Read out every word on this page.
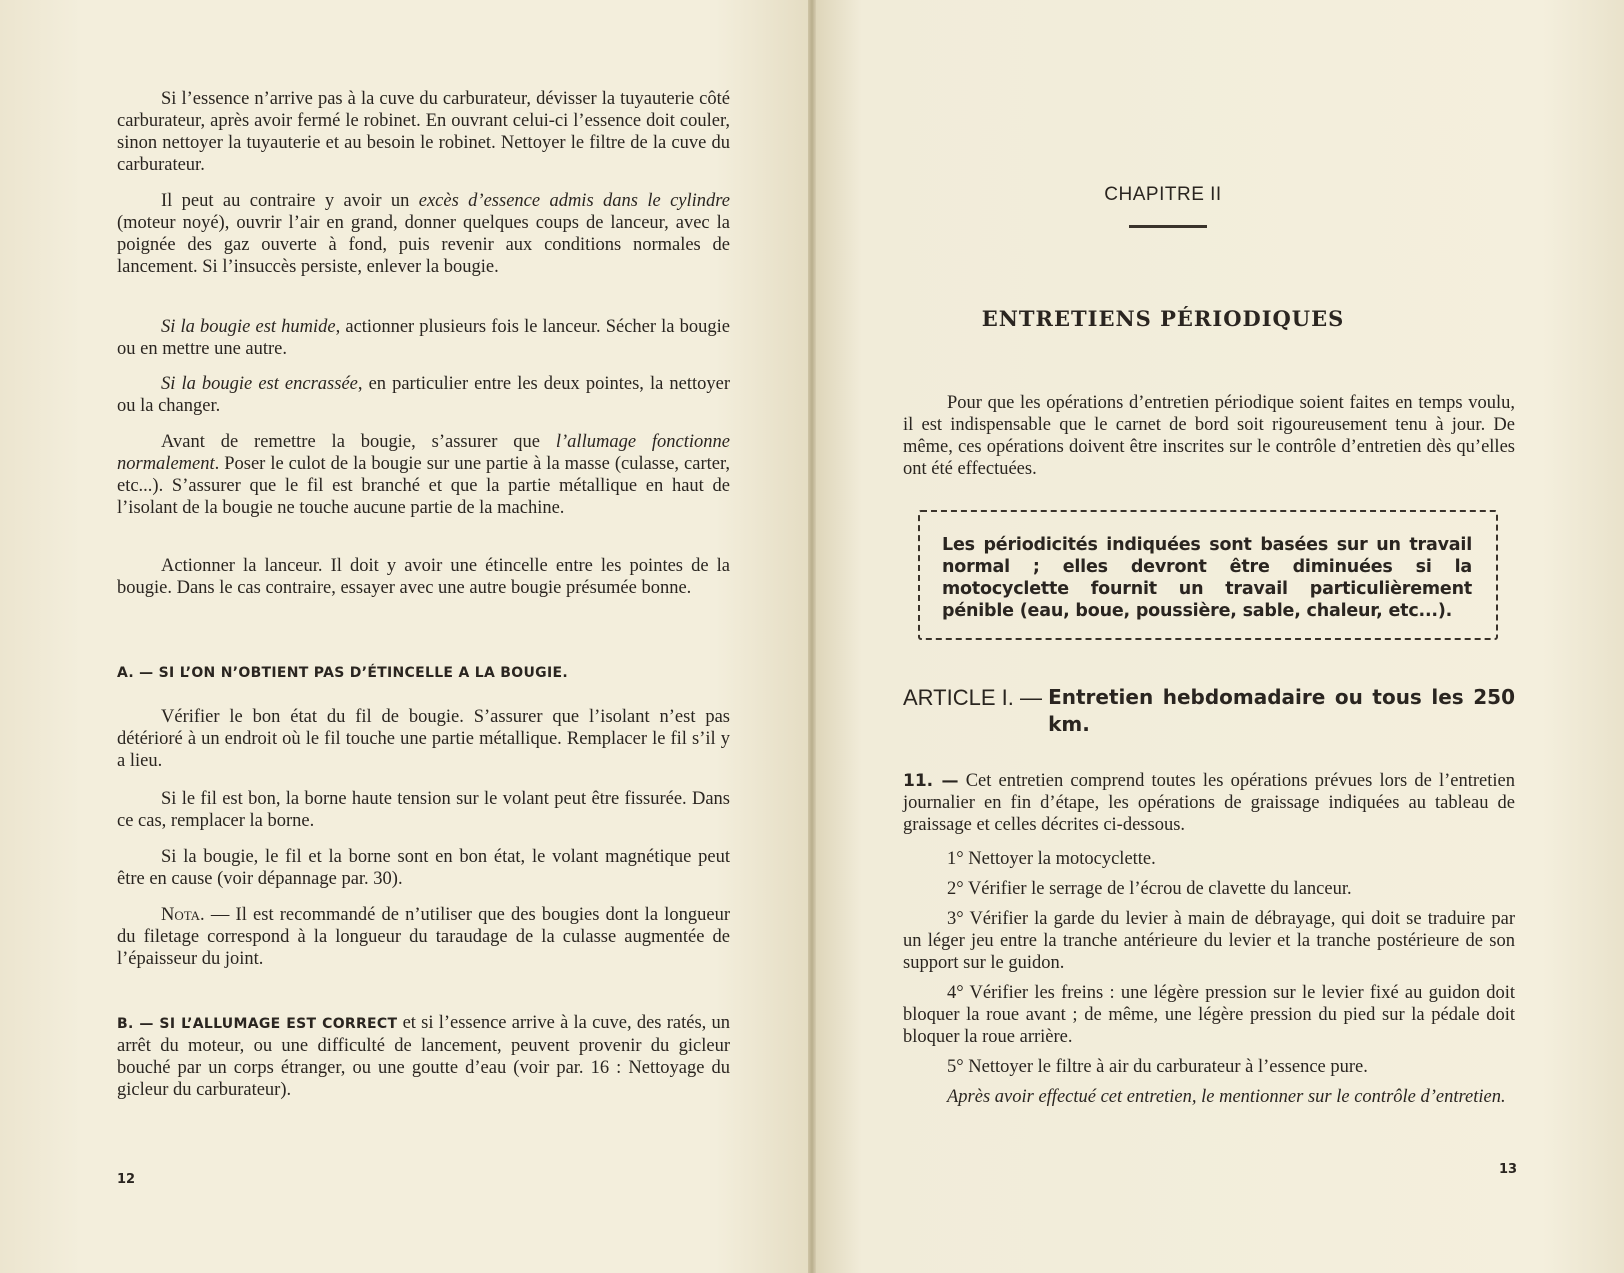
Si l’essence n’arrive pas à la cuve du carburateur, dévisser la tuyauterie côté carburateur, après avoir fermé le robinet. En ouvrant celui-ci l’essence doit couler, sinon nettoyer la tuyauterie et au besoin le robinet. Nettoyer le filtre de la cuve du carburateur.

Il peut au contraire y avoir un excès d’essence admis dans le cylindre (moteur noyé), ouvrir l’air en grand, donner quelques coups de lanceur, avec la poignée des gaz ouverte à fond, puis revenir aux conditions normales de lancement. Si l’insuccès persiste, enlever la bougie.

Si la bougie est humide, actionner plusieurs fois le lanceur. Sécher la bougie ou en mettre une autre.

Si la bougie est encrassée, en particulier entre les deux pointes, la nettoyer ou la changer.

Avant de remettre la bougie, s’assurer que l’allumage fonctionne normalement. Poser le culot de la bougie sur une partie à la masse (culasse, carter, etc...). S’assurer que le fil est branché et que la partie métallique en haut de l’isolant de la bougie ne touche aucune partie de la machine.

Actionner la lanceur. Il doit y avoir une étincelle entre les pointes de la bougie. Dans le cas contraire, essayer avec une autre bougie présumée bonne.

A. — SI L’ON N’OBTIENT PAS D’ÉTINCELLE A LA BOUGIE.

Vérifier le bon état du fil de bougie. S’assurer que l’isolant n’est pas détérioré à un endroit où le fil touche une partie métallique. Remplacer le fil s’il y a lieu.

Si le fil est bon, la borne haute tension sur le volant peut être fissurée. Dans ce cas, remplacer la borne.

Si la bougie, le fil et la borne sont en bon état, le volant magnétique peut être en cause (voir dépannage par. 30).

Nota. — Il est recommandé de n’utiliser que des bougies dont la longueur du filetage correspond à la longueur du taraudage de la culasse augmentée de l’épaisseur du joint.

B. — SI L’ALLUMAGE EST CORRECT et si l’essence arrive à la cuve, des ratés, un arrêt du moteur, ou une difficulté de lancement, peuvent provenir du gicleur bouché par un corps étranger, ou une goutte d’eau (voir par. 16 : Nettoyage du gicleur du carburateur).

12
CHAPITRE II
ENTRETIENS PÉRIODIQUES

Pour que les opérations d’entretien périodique soient faites en temps voulu, il est indispensable que le carnet de bord soit rigoureusement tenu à jour. De même, ces opérations doivent être inscrites sur le contrôle d’entretien dès qu’elles ont été effectuées.

Les périodicités indiquées sont basées sur un travail normal ; elles devront être diminuées si la motocyclette fournit un travail particulièrement pénible (eau, boue, poussière, sable, chaleur, etc...).
ARTICLE I. — Entretien hebdomadaire ou tous les 250 km.

11. — Cet entretien comprend toutes les opérations prévues lors de l’entretien journalier en fin d’étape, les opérations de graissage indiquées au tableau de graissage et celles décrites ci-dessous.

1° Nettoyer la motocyclette.

2° Vérifier le serrage de l’écrou de clavette du lanceur.

3° Vérifier la garde du levier à main de débrayage, qui doit se traduire par un léger jeu entre la tranche antérieure du levier et la tranche postérieure de son support sur le guidon.

4° Vérifier les freins : une légère pression sur le levier fixé au guidon doit bloquer la roue avant ; de même, une légère pression du pied sur la pédale doit bloquer la roue arrière.

5° Nettoyer le filtre à air du carburateur à l’essence pure.

Après avoir effectué cet entretien, le mentionner sur le contrôle d’entretien.

13
